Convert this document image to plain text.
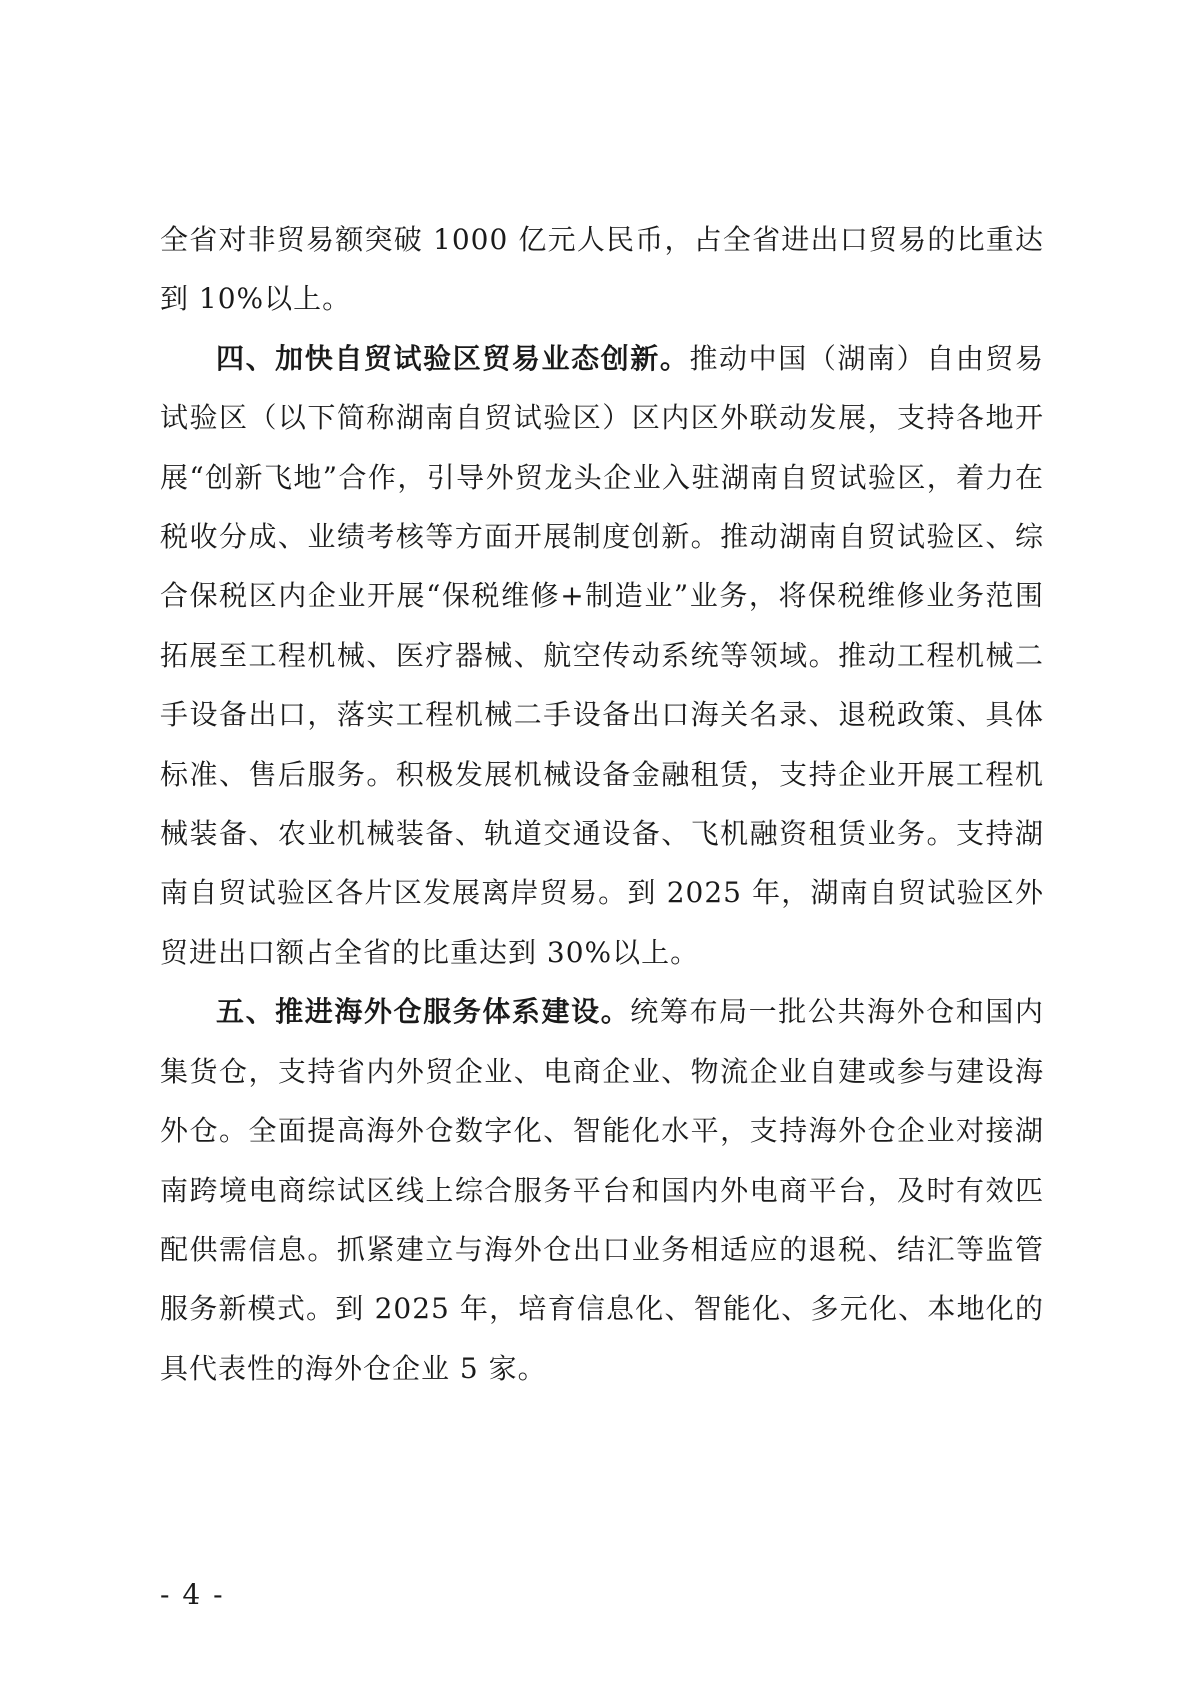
全省对非贸易额突破 1000 亿元人民币，占全省进出口贸易的比重达到 10%以上。

四、加快自贸试验区贸易业态创新。推动中国（湖南）自由贸易试验区（以下简称湖南自贸试验区）区内区外联动发展，支持各地开展“创新飞地”合作，引导外贸龙头企业入驻湖南自贸试验区，着力在税收分成、业绩考核等方面开展制度创新。推动湖南自贸试验区、综合保税区内企业开展“保税维修+制造业”业务，将保税维修业务范围拓展至工程机械、医疗器械、航空传动系统等领域。推动工程机械二手设备出口，落实工程机械二手设备出口海关名录、退税政策、具体标准、售后服务。积极发展机械设备金融租赁，支持企业开展工程机械装备、农业机械装备、轨道交通设备、飞机融资租赁业务。支持湖南自贸试验区各片区发展离岸贸易。到 2025 年，湖南自贸试验区外贸进出口额占全省的比重达到 30%以上。

五、推进海外仓服务体系建设。统筹布局一批公共海外仓和国内集货仓，支持省内外贸企业、电商企业、物流企业自建或参与建设海外仓。全面提高海外仓数字化、智能化水平，支持海外仓企业对接湖南跨境电商综试区线上综合服务平台和国内外电商平台，及时有效匹配供需信息。抓紧建立与海外仓出口业务相适应的退税、结汇等监管服务新模式。到 2025 年，培育信息化、智能化、多元化、本地化的具代表性的海外仓企业 5 家。

- 4 -
